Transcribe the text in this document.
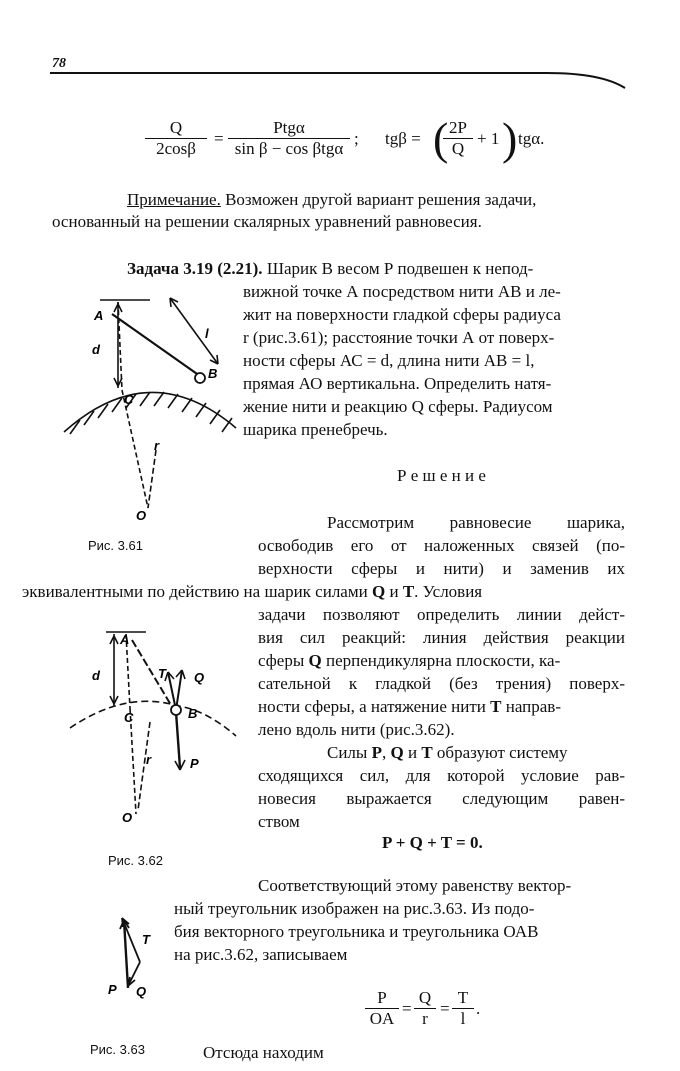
78
$\frac{Q}{2\cos\beta}$ =
Ptgα
sin β − cos βtgα
; tgβ = (
$\frac{2P}{Q} + 1$ ) tgα.
Примечание. Возможен другой вариант решения задачи,
основанный на решении скалярных уравнений равновесия.
Задача 3.19 (2.21). Шарик В весом Р подвешен к непод-
вижной точке А посредством нити АВ и ле-
жит на поверхности гладкой сферы радиуса
r (рис.3.61); расстояние точки А от поверх-
ности сферы АС = d, длина нити АВ = l,
прямая АО вертикальна. Определить натя-
жение нити и реакцию Q сферы. Радиусом
шарика пренебречь.
A
d
l
C
B
r
O
Рис. 3.61
Р е ш е н и е
Рассмотрим равновесие шарика,
освободив его от наложенных связей (по-
верхности сферы и нити) и заменив их
эквивалентными по действию на шарик силами Q и T. Условия
задачи позволяют определить линии дейст-
вия сил реакций: линия действия реакции
сферы Q перпендикулярна плоскости, ка-
сательной к гладкой (без трения) поверх-
ности сферы, а натяжение нити T направ-
лено вдоль нити (рис.3.62).
Силы P, Q и T образуют систему
сходящихся сил, для которой условие рав-
новесия выражается следующим равен-
ством
P + Q + T = 0.
A
d	T Q
C	B
r	P
O
Рис. 3.62
Соответствующий этому равенству вектор-
ный треугольник изображен на рис.3.63. Из подо-
бия векторного треугольника и треугольника ОАВ
на рис.3.62, записываем
$\frac{P}{OA} = \frac{Q}{r} = \frac{T}{l}$ .
T
P Q
Рис. 3.63	Отсюда находим
